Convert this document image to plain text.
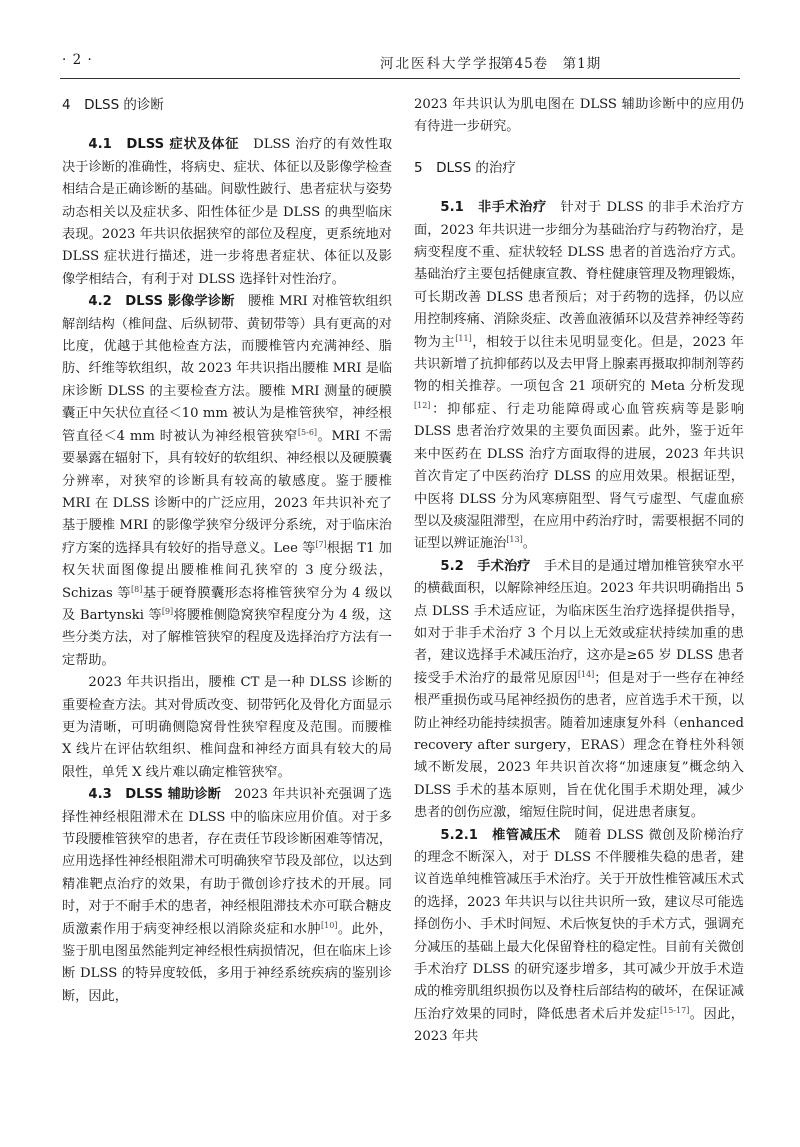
· 2 ·	河北医科大学学报
第45卷　第1期

4　DLSS 的诊断

4.1　DLSS 症状及体征　 DLSS 治疗的有效性取决于诊断的准确性，将病史、症状、体征以及影像学检查相结合是正确诊断的基础。间歇性跛行、患者症状与姿势动态相关以及症状多、阳性体征少是 DLSS 的典型临床表现。2023 年共识依据狭窄的部位及程度，更系统地对 DLSS 症状进行描述，进一步将患者症状、体征以及影像学相结合，有利于对 DLSS 选择针对性治疗。

4.2　DLSS 影像学诊断　 腰椎 MRI 对椎管软组织解剖结构（椎间盘、后纵韧带、黄韧带等）具有更高的对比度，优越于其他检查方法，而腰椎管内充满神经、脂肪、纤维等软组织，故 2023 年共识指出腰椎 MRI 是临床诊断 DLSS 的主要检查方法。腰椎 MRI 测量的硬膜囊正中矢状位直径＜10 mm 被认为是椎管狭窄，神经根管直径＜4 mm 时被认为神经根管狭窄[5-6]。MRI 不需要暴露在辐射下，具有较好的软组织、神经根以及硬膜囊分辨率，对狭窄的诊断具有较高的敏感度。鉴于腰椎 MRI 在 DLSS 诊断中的广泛应用，2023 年共识补充了基于腰椎 MRI 的影像学狭窄分级评分系统，对于临床治疗方案的选择具有较好的指导意义。Lee 等[7]根据 T1 加权矢状面图像提出腰椎椎间孔狭窄的 3 度分级法，Schizas 等[8]基于硬脊膜囊形态将椎管狭窄分为 4 级以及 Bartynski 等[9]将腰椎侧隐窝狭窄程度分为 4 级，这些分类方法，对了解椎管狭窄的程度及选择治疗方法有一定帮助。

2023 年共识指出，腰椎 CT 是一种 DLSS 诊断的重要检查方法。其对骨质改变、韧带钙化及骨化方面显示更为清晰，可明确侧隐窝骨性狭窄程度及范围。而腰椎 X 线片在评估软组织、椎间盘和神经方面具有较大的局限性，单凭 X 线片难以确定椎管狭窄。

4.3　DLSS 辅助诊断　 2023 年共识补充强调了选择性神经根阻滞术在 DLSS 中的临床应用价值。对于多节段腰椎管狭窄的患者，存在责任节段诊断困难等情况，应用选择性神经根阻滞术可明确狭窄节段及部位，以达到精准靶点治疗的效果，有助于微创诊疗技术的开展。同时，对于不耐手术的患者，神经根阻滞技术亦可联合糖皮质激素作用于病变神经根以消除炎症和水肿[10]。此外，鉴于肌电图虽然能判定神经根性病损情况，但在临床上诊断 DLSS 的特异度较低，多用于神经系统疾病的鉴别诊断，因此，

2023 年共识认为肌电图在 DLSS 辅助诊断中的应用仍有待进一步研究。

5　DLSS 的治疗

5.1　非手术治疗　 针对于 DLSS 的非手术治疗方面，2023 年共识进一步细分为基础治疗与药物治疗，是病变程度不重、症状较轻 DLSS 患者的首选治疗方式。基础治疗主要包括健康宣教、脊柱健康管理及物理锻炼，可长期改善 DLSS 患者预后；对于药物的选择，仍以应用控制疼痛、消除炎症、改善血液循环以及营养神经等药物为主[11]，相较于以往未见明显变化。但是，2023 年共识新增了抗抑郁药以及去甲肾上腺素再摄取抑制剂等药物的相关推荐。一项包含 21 项研究的 Meta 分析发现[12]：抑郁症、行走功能障碍或心血管疾病等是影响 DLSS 患者治疗效果的主要负面因素。此外，鉴于近年来中医药在 DLSS 治疗方面取得的进展，2023 年共识首次肯定了中医药治疗 DLSS 的应用效果。根据证型，中医将 DLSS 分为风寒痹阻型、肾气亏虚型、气虚血瘀型以及痰湿阻滞型，在应用中药治疗时，需要根据不同的证型以辨证施治[13]。

5.2　手术治疗　 手术目的是通过增加椎管狭窄水平的横截面积，以解除神经压迫。2023 年共识明确指出 5 点 DLSS 手术适应证，为临床医生治疗选择提供指导，如对于非手术治疗 3 个月以上无效或症状持续加重的患者，建议选择手术减压治疗，这亦是≥65 岁 DLSS 患者接受手术治疗的最常见原因[14]；但是对于一些存在神经根严重损伤或马尾神经损伤的患者，应首选手术干预，以防止神经功能持续损害。随着加速康复外科（enhanced recovery after surgery，ERAS）理念在脊柱外科领域不断发展，2023 年共识首次将“加速康复”概念纳入 DLSS 手术的基本原则，旨在优化围手术期处理，减少患者的创伤应激，缩短住院时间，促进患者康复。

5.2.1　椎管减压术　 随着 DLSS 微创及阶梯治疗的理念不断深入，对于 DLSS 不伴腰椎失稳的患者，建议首选单纯椎管减压手术治疗。关于开放性椎管减压术式的选择，2023 年共识与以往共识所一致，建议尽可能选择创伤小、手术时间短、术后恢复快的手术方式，强调充分减压的基础上最大化保留脊柱的稳定性。目前有关微创手术治疗 DLSS 的研究逐步增多，其可减少开放手术造成的椎旁肌组织损伤以及脊柱后部结构的破坏，在保证减压治疗效果的同时，降低患者术后并发症[15-17]。因此，2023 年共
